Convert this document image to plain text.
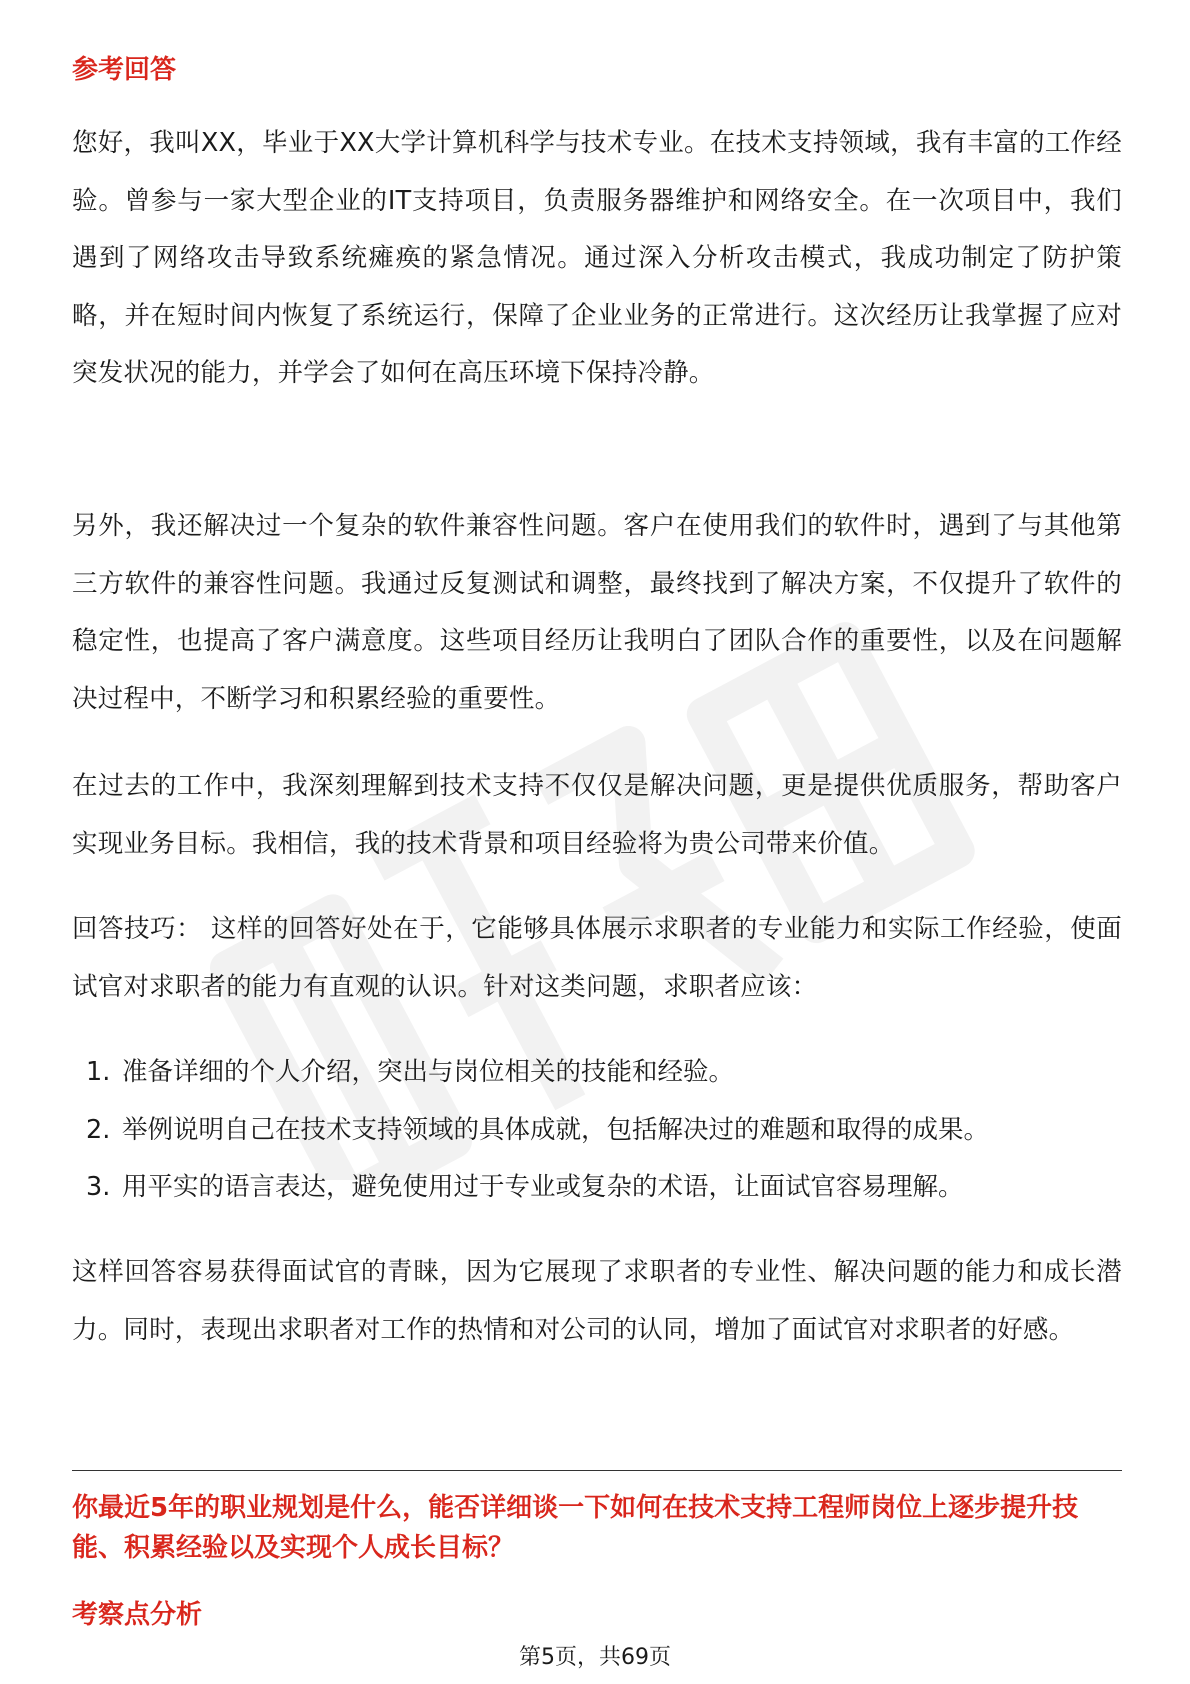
参考回答

您好，我叫XX，毕业于XX大学计算机科学与技术专业。在技术支持领域，我有丰富的工作经验。曾参与一家大型企业的IT支持项目，负责服务器维护和网络安全。在一次项目中，我们遇到了网络攻击导致系统瘫痪的紧急情况。通过深入分析攻击模式，我成功制定了防护策略，并在短时间内恢复了系统运行，保障了企业业务的正常进行。这次经历让我掌握了应对突发状况的能力，并学会了如何在高压环境下保持冷静。

另外，我还解决过一个复杂的软件兼容性问题。客户在使用我们的软件时，遇到了与其他第三方软件的兼容性问题。我通过反复测试和调整，最终找到了解决方案，不仅提升了软件的稳定性，也提高了客户满意度。这些项目经历让我明白了团队合作的重要性，以及在问题解决过程中，不断学习和积累经验的重要性。

在过去的工作中，我深刻理解到技术支持不仅仅是解决问题，更是提供优质服务，帮助客户实现业务目标。我相信，我的技术背景和项目经验将为贵公司带来价值。

回答技巧： 这样的回答好处在于，它能够具体展示求职者的专业能力和实际工作经验，使面试官对求职者的能力有直观的认识。针对这类问题，求职者应该：

1. 准备详细的个人介绍，突出与岗位相关的技能和经验。
2. 举例说明自己在技术支持领域的具体成就，包括解决过的难题和取得的成果。
3. 用平实的语言表达，避免使用过于专业或复杂的术语，让面试官容易理解。

这样回答容易获得面试官的青睐，因为它展现了求职者的专业性、解决问题的能力和成长潜力。同时，表现出求职者对工作的热情和对公司的认同，增加了面试官对求职者的好感。

你最近5年的职业规划是什么，能否详细谈一下如何在技术支持工程师岗位上逐步提升技能、积累经验以及实现个人成长目标？
考察点分析
第5页，共69页
